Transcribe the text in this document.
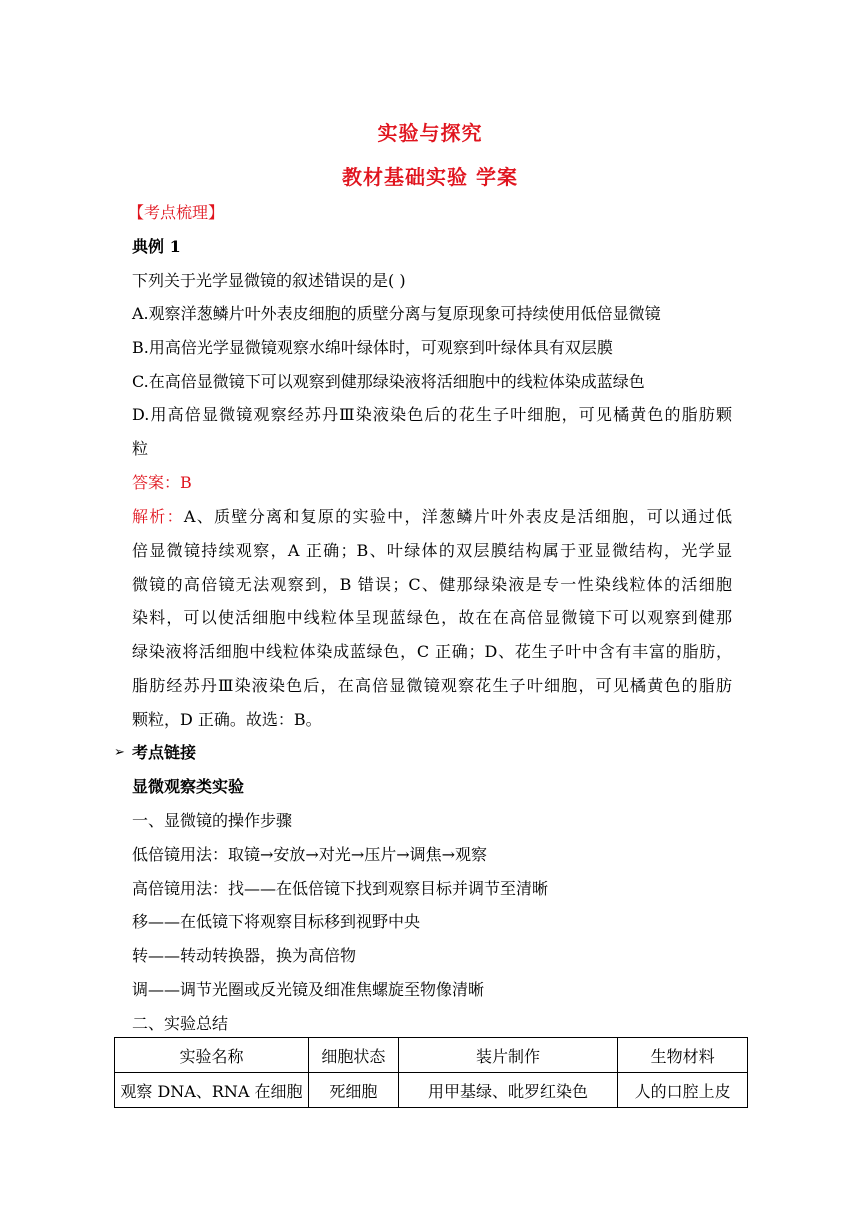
实验与探究
教材基础实验 学案
【考点梳理】
典例 1
下列关于光学显微镜的叙述错误的是( )
A.观察洋葱鳞片叶外表皮细胞的质壁分离与复原现象可持续使用低倍显微镜
B.用高倍光学显微镜观察水绵叶绿体时，可观察到叶绿体具有双层膜
C.在高倍显微镜下可以观察到健那绿染液将活细胞中的线粒体染成蓝绿色
D.用高倍显微镜观察经苏丹Ⅲ染液染色后的花生子叶细胞，可见橘黄色的脂肪颗
粒
答案：B
解析：A、质壁分离和复原的实验中，洋葱鳞片叶外表皮是活细胞，可以通过低
倍显微镜持续观察，A 正确；B、叶绿体的双层膜结构属于亚显微结构，光学显
微镜的高倍镜无法观察到，B 错误；C、健那绿染液是专一性染线粒体的活细胞
染料，可以使活细胞中线粒体呈现蓝绿色，故在在高倍显微镜下可以观察到健那
绿染液将活细胞中线粒体染成蓝绿色，C 正确；D、花生子叶中含有丰富的脂肪，
脂肪经苏丹Ⅲ染液染色后，在高倍显微镜观察花生子叶细胞，可见橘黄色的脂肪
颗粒，D 正确。故选：B。
➢ 考点链接
显微观察类实验
一、显微镜的操作步骤
低倍镜用法：取镜→安放→对光→压片→调焦→观察
高倍镜用法：找——在低倍镜下找到观察目标并调节至清晰
移——在低镜下将观察目标移到视野中央
转——转动转换器，换为高倍物
调——调节光圈或反光镜及细准焦螺旋至物像清晰
二、实验总结
实验名称	细胞状态	装片制作	生物材料
观察 DNA、RNA 在细胞	死细胞	用甲基绿、吡罗红染色	人的口腔上皮
